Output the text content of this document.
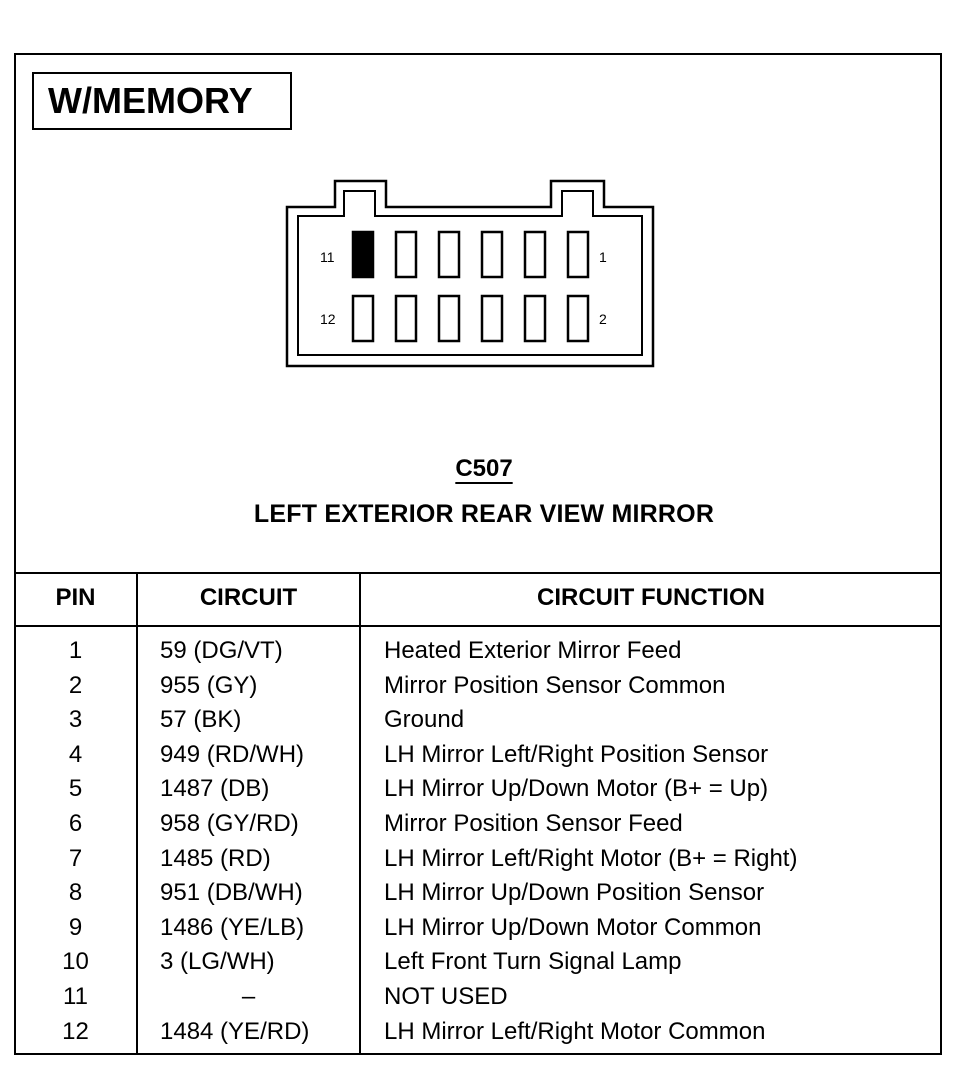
W/MEMORY
11	1
12	2
C507
LEFT EXTERIOR REAR VIEW MIRROR
PIN	CIRCUIT	CIRCUIT FUNCTION
1	59 (DG/VT)	Heated Exterior Mirror Feed
2	955 (GY)	Mirror Position Sensor Common
3	57 (BK)	Ground
4	949 (RD/WH)	LH Mirror Left/Right Position Sensor
5	1487 (DB)	LH Mirror Up/Down Motor (B+ = Up)
6	958 (GY/RD)	Mirror Position Sensor Feed
7	1485 (RD)	LH Mirror Left/Right Motor (B+ = Right)
8	951 (DB/WH)	LH Mirror Up/Down Position Sensor
9	1486 (YE/LB)	LH Mirror Up/Down Motor Common
10	3 (LG/WH)	Left Front Turn Signal Lamp
11	–	NOT USED
12	1484 (YE/RD)	LH Mirror Left/Right Motor Common
